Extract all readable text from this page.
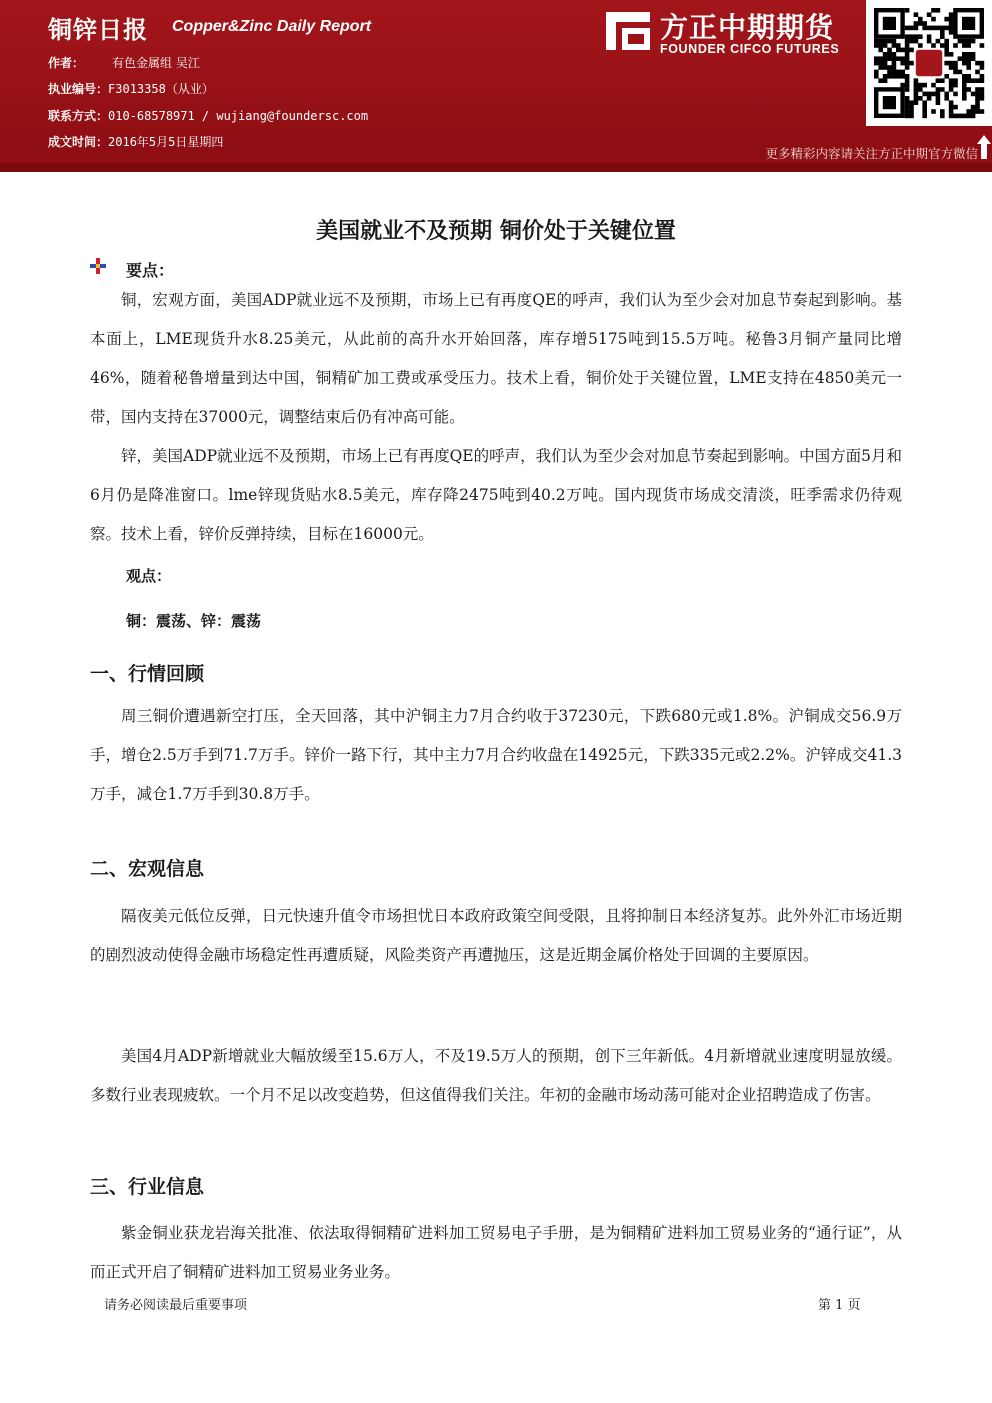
铜锌日报 Copper&Zinc Daily Report
作者： 有色金属组 吴江
执业编号：F3013358（从业）
联系方式：010-68578971 / wujiang@foundersc.com
成文时间：2016年5月5日星期四
方正中期期货
FOUNDER CIFCO FUTURES
更多精彩内容请关注方正中期官方微信
美国就业不及预期 铜价处于关键位置
要点：

铜，宏观方面，美国ADP就业远不及预期，市场上已有再度QE的呼声，我们认为至少会对加息节奏起到影响。基本面上，LME现货升水8.25美元，从此前的高升水开始回落，库存增5175吨到15.5万吨。秘鲁3月铜产量同比增46%，随着秘鲁增量到达中国，铜精矿加工费或承受压力。技术上看，铜价处于关键位置，LME支持在4850美元一带，国内支持在37000元，调整结束后仍有冲高可能。

锌，美国ADP就业远不及预期，市场上已有再度QE的呼声，我们认为至少会对加息节奏起到影响。中国方面5月和6月仍是降准窗口。lme锌现货贴水8.5美元，库存降2475吨到40.2万吨。国内现货市场成交清淡，旺季需求仍待观察。技术上看，锌价反弹持续，目标在16000元。

观点：
铜：震荡、锌：震荡
一、行情回顾

周三铜价遭遇新空打压，全天回落，其中沪铜主力7月合约收于37230元，下跌680元或1.8%。沪铜成交56.9万手，增仓2.5万手到71.7万手。锌价一路下行，其中主力7月合约收盘在14925元，下跌335元或2.2%。沪锌成交41.3万手，减仓1.7万手到30.8万手。

二、宏观信息

隔夜美元低位反弹，日元快速升值令市场担忧日本政府政策空间受限，且将抑制日本经济复苏。此外外汇市场近期的剧烈波动使得金融市场稳定性再遭质疑，风险类资产再遭抛压，这是近期金属价格处于回调的主要原因。

美国4月ADP新增就业大幅放缓至15.6万人，不及19.5万人的预期，创下三年新低。4月新增就业速度明显放缓。多数行业表现疲软。一个月不足以改变趋势，但这值得我们关注。年初的金融市场动荡可能对企业招聘造成了伤害。

三、行业信息

紫金铜业获龙岩海关批准、依法取得铜精矿进料加工贸易电子手册，是为铜精矿进料加工贸易业务的“通行证”，从而正式开启了铜精矿进料加工贸易业务业务。

请务必阅读最后重要事项	第 1 页
